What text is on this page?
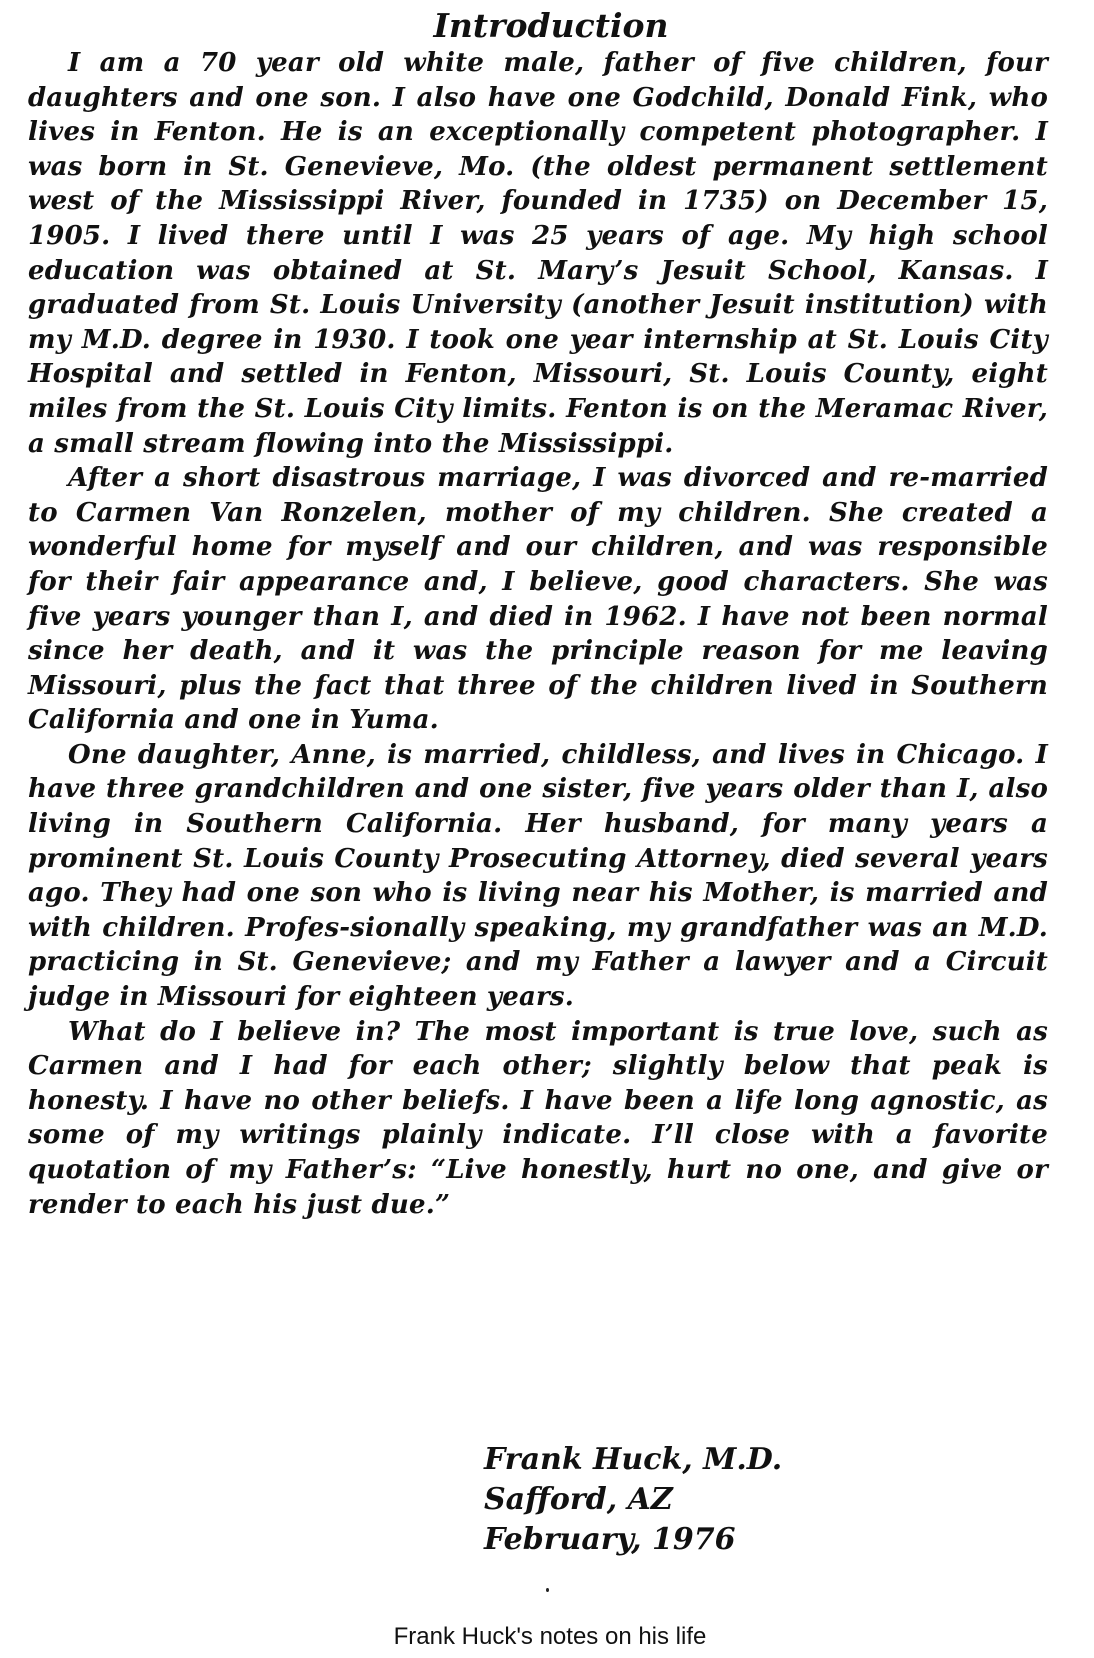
Introduction

I am a 70 year old white male, father of five children, four daughters and one son. I also have one Godchild, Donald Fink, who lives in Fenton. He is an exceptionally competent photographer. I was born in St. Genevieve, Mo. (the oldest permanent settlement west of the Mississippi River, founded in 1735) on December 15, 1905. I lived there until I was 25 years of age. My high school education was obtained at St. Mary’s Jesuit School, Kansas. I graduated from St. Louis University (another Jesuit institution) with my M.D. degree in 1930. I took one year internship at St. Louis City Hospital and settled in Fenton, Missouri, St. Louis County, eight miles from the St. Louis City limits. Fenton is on the Meramac River, a small stream flowing into the Mississippi.

After a short disastrous marriage, I was divorced and re-married to Carmen Van Ronzelen, mother of my children. She created a wonderful home for myself and our children, and was responsible for their fair appearance and, I believe, good characters. She was five years younger than I, and died in 1962. I have not been normal since her death, and it was the principle reason for me leaving Missouri, plus the fact that three of the children lived in Southern California and one in Yuma.

One daughter, Anne, is married, childless, and lives in Chicago. I have three grandchildren and one sister, five years older than I, also living in Southern California. Her husband, for many years a prominent St. Louis County Prosecuting Attorney, died several years ago. They had one son who is living near his Mother, is married and with children. Profes-sionally speaking, my grandfather was an M.D. practicing in St. Genevieve; and my Father a lawyer and a Circuit judge in Missouri for eighteen years.

What do I believe in? The most important is true love, such as Carmen and I had for each other; slightly below that peak is honesty. I have no other beliefs. I have been a life long agnostic, as some of my writings plainly indicate. I’ll close with a favorite quotation of my Father’s: “Live honestly, hurt no one, and give or render to each his just due.”

Frank Huck, M.D.
Safford, AZ
February, 1976
Frank Huck's notes on his life
